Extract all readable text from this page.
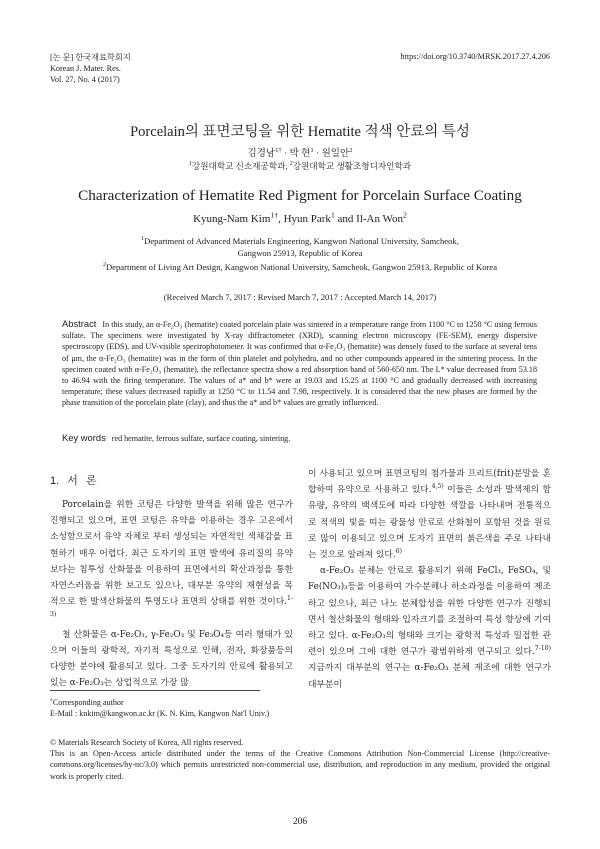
[논 문] 한국재료학회지
Korean J. Mater. Res.
Vol. 27, No. 4 (2017)
https://doi.org/10.3740/MRSK.2017.27.4.206
Porcelain의 표면코팅을 위한 Hematite 적색 안료의 특성
김경남$^{1\dagger}$ · 박 현$^1$ · 원일안$^2$
$^1$강원대학교 신소재공학과, $^2$강원대학교 생활조형디자인학과
Characterization of Hematite Red Pigment for Porcelain Surface Coating
Kyung-Nam Kim$^{1\dagger}$, Hyun Park$^1$ and Il-An Won$^2$
$^1$Department of Advanced Materials Engineering, Kangwon National University, Samcheok,
Gangwon 25913, Republic of Korea
$^2$Department of Living Art Design, Kangwon National University, Samcheok, Gangwon 25913, Republic of Korea
(Received March 7, 2017 : Revised March 7, 2017 : Accepted March 14, 2017)
Abstract In this study, an α-Fe₂O₃ (hematite) coated porcelain plate was sintered in a temperature range from 1100 °C to 1250 °C using ferrous sulfate. The specimens were investigated by X-ray diffractometer (XRD), scanning electron microscopy (FE-SEM), energy dispersive spectroscopy (EDS), and UV-visible spectrophotometer. It was confirmed that α-Fe₂O₃ (hematite) was densely fused to the surface at several tens of μm, the α-Fe₂O₃ (hematite) was in the form of thin platelet and polyhedra, and no other compounds appeared in the sintering process. In the specimen coated with α-Fe₂O₃ (hematite), the reflectance spectra show a red absorption band of 560-650 nm. The L* value decreased from 53.18 to 46.94 with the firing temperature. The values of a* and b* were at 19.03 and 15.25 at 1100 °C and gradually decreased with increasing temperature; these values decreased rapidly at 1250 °C to 11.54 and 7.98, respectively. It is considered that the new phases are formed by the phase transition of the porcelain plate (clay), and thus the a* and b* values are greatly influenced.
Key words red hematite, ferrous sulfate, surface coating, sintering.
1. 서 론

Porcelain을 위한 코팅은 다양한 발색을 위해 많은 연구가 진행되고 있으며, 표면 코팅은 유약을 이용하는 경우 고온에서 소성함으로서 유약 자체로 부터 생성되는 자연적인 색채감을 표현하기 매우 어렵다. 최근 도자기의 표면 발색에 유리질의 유약보다는 침투성 산화물을 이용하여 표면에서의 확산과정을 통한 자연스러움을 위한 보고도 있으나, 대부분 유약의 재현성을 목적으로 한 발색산화물의 투명도나 표면의 상태를 위한 것이다.$^{1-3)}$

철 산화물은 α-Fe₂O₃, γ-Fe₂O₃ 및 Fe₃O₄등 여러 형태가 있으며 이들의 광학적, 자기적 특성으로 인해, 전자, 화장품등의 다양한 분야에 활용되고 있다. 그중 도자기의 안료에 활용되고 있는 α-Fe₂O₃는 상업적으로 가장 많

이 사용되고 있으며 표면코팅의 첨가물과 프리트(frit)분말을 혼합하여 유약으로 사용하고 있다.$^{4,5)}$ 이들은 소성과 발색제의 함유량, 유약의 백색도에 따라 다양한 색깔을 나타내며 전통적으로 적색의 빛을 띠는 광물성 안료로 산화철이 포함된 것을 원료로 많이 이용되고 있으며 도자기 표면의 붉은색을 주로 나타내는 것으로 알려져 있다.$^{6)}$

α-Fe₂O₃ 분체는 안료로 활용되기 위해 FeCl₃, FeSO₄, 및 Fe(NO₃)₃등을 이용하여 가수분해나 하소과정을 이용하여 제조하고 있으나, 최근 나노 분체합성을 위한 다양한 연구가 진행되면서 철산화물의 형태와 입자크기를 조절하여 특성 향상에 기여하고 있다. α-Fe₂O₃의 형태와 크기는 광학적 특성과 밀접한 관련이 있으며 그에 대한 연구가 광범위하게 연구되고 있다.$^{7-10)}$ 지금까지 대부분의 연구는 α-Fe₂O₃ 분체 제조에 대한 연구가 대부분이

†Corresponding author
E-Mail : knkim@kangwon.ac.kr (K. N. Kim, Kangwon Nat'l Univ.)
© Materials Research Society of Korea, All rights reserved.
This is an Open-Access article distributed under the terms of the Creative Commons Attribution Non-Commercial License (http://creative-commons.org/licenses/by-nc/3.0) which permits unrestricted non-commercial use, distribution, and reproduction in any medium, provided the original work is properly cited.
206
